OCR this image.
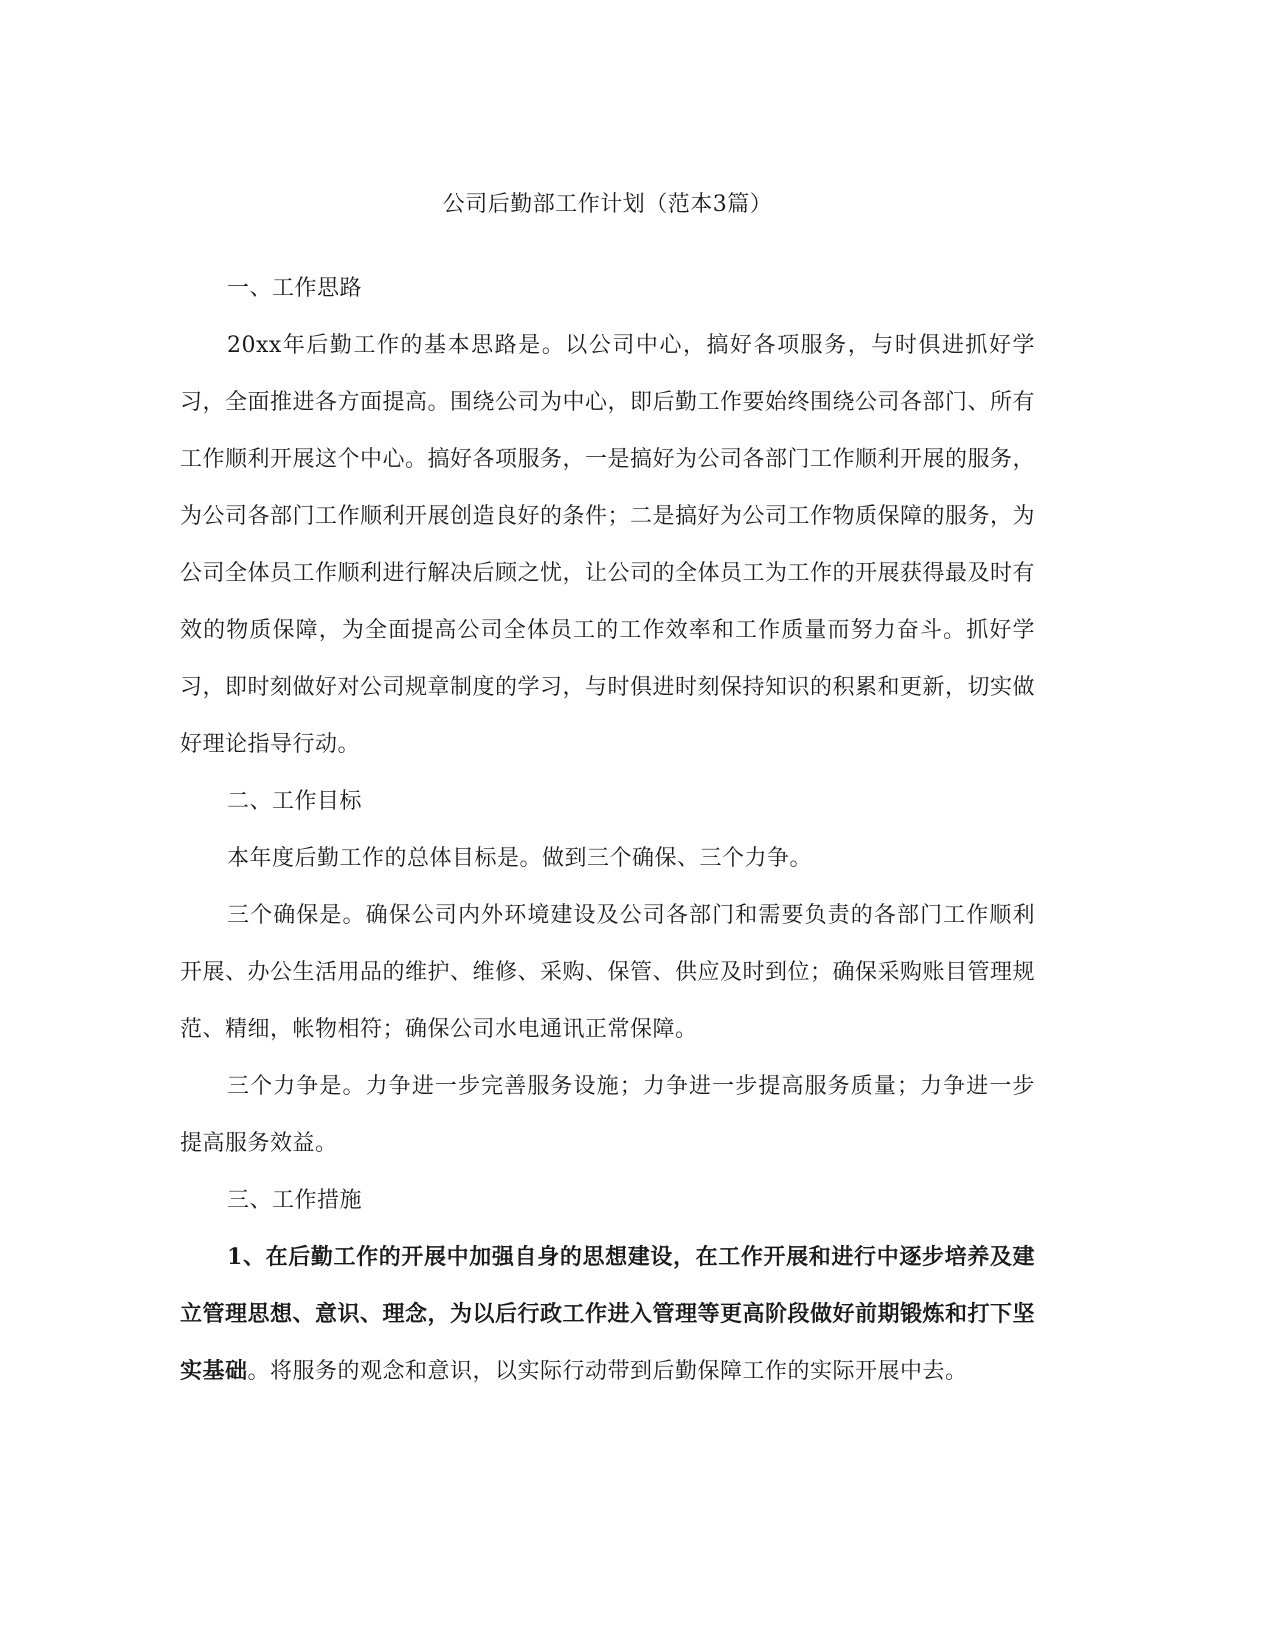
公司后勤部工作计划（范本3篇）

一、工作思路

20xx年后勤工作的基本思路是。以公司中心，搞好各项服务，与时俱进抓好学习，全面推进各方面提高。围绕公司为中心，即后勤工作要始终围绕公司各部门、所有工作顺利开展这个中心。搞好各项服务，一是搞好为公司各部门工作顺利开展的服务，为公司各部门工作顺利开展创造良好的条件；二是搞好为公司工作物质保障的服务，为公司全体员工作顺利进行解决后顾之忧，让公司的全体员工为工作的开展获得最及时有效的物质保障，为全面提高公司全体员工的工作效率和工作质量而努力奋斗。抓好学习，即时刻做好对公司规章制度的学习，与时俱进时刻保持知识的积累和更新，切实做好理论指导行动。

二、工作目标

本年度后勤工作的总体目标是。做到三个确保、三个力争。

三个确保是。确保公司内外环境建设及公司各部门和需要负责的各部门工作顺利开展、办公生活用品的维护、维修、采购、保管、供应及时到位；确保采购账目管理规范、精细，帐物相符；确保公司水电通讯正常保障。

三个力争是。力争进一步完善服务设施；力争进一步提高服务质量；力争进一步提高服务效益。

三、工作措施

1、在后勤工作的开展中加强自身的思想建设，在工作开展和进行中逐步培养及建立管理思想、意识、理念，为以后行政工作进入管理等更高阶段做好前期锻炼和打下坚实基础。将服务的观念和意识，以实际行动带到后勤保障工作的实际开展中去。
